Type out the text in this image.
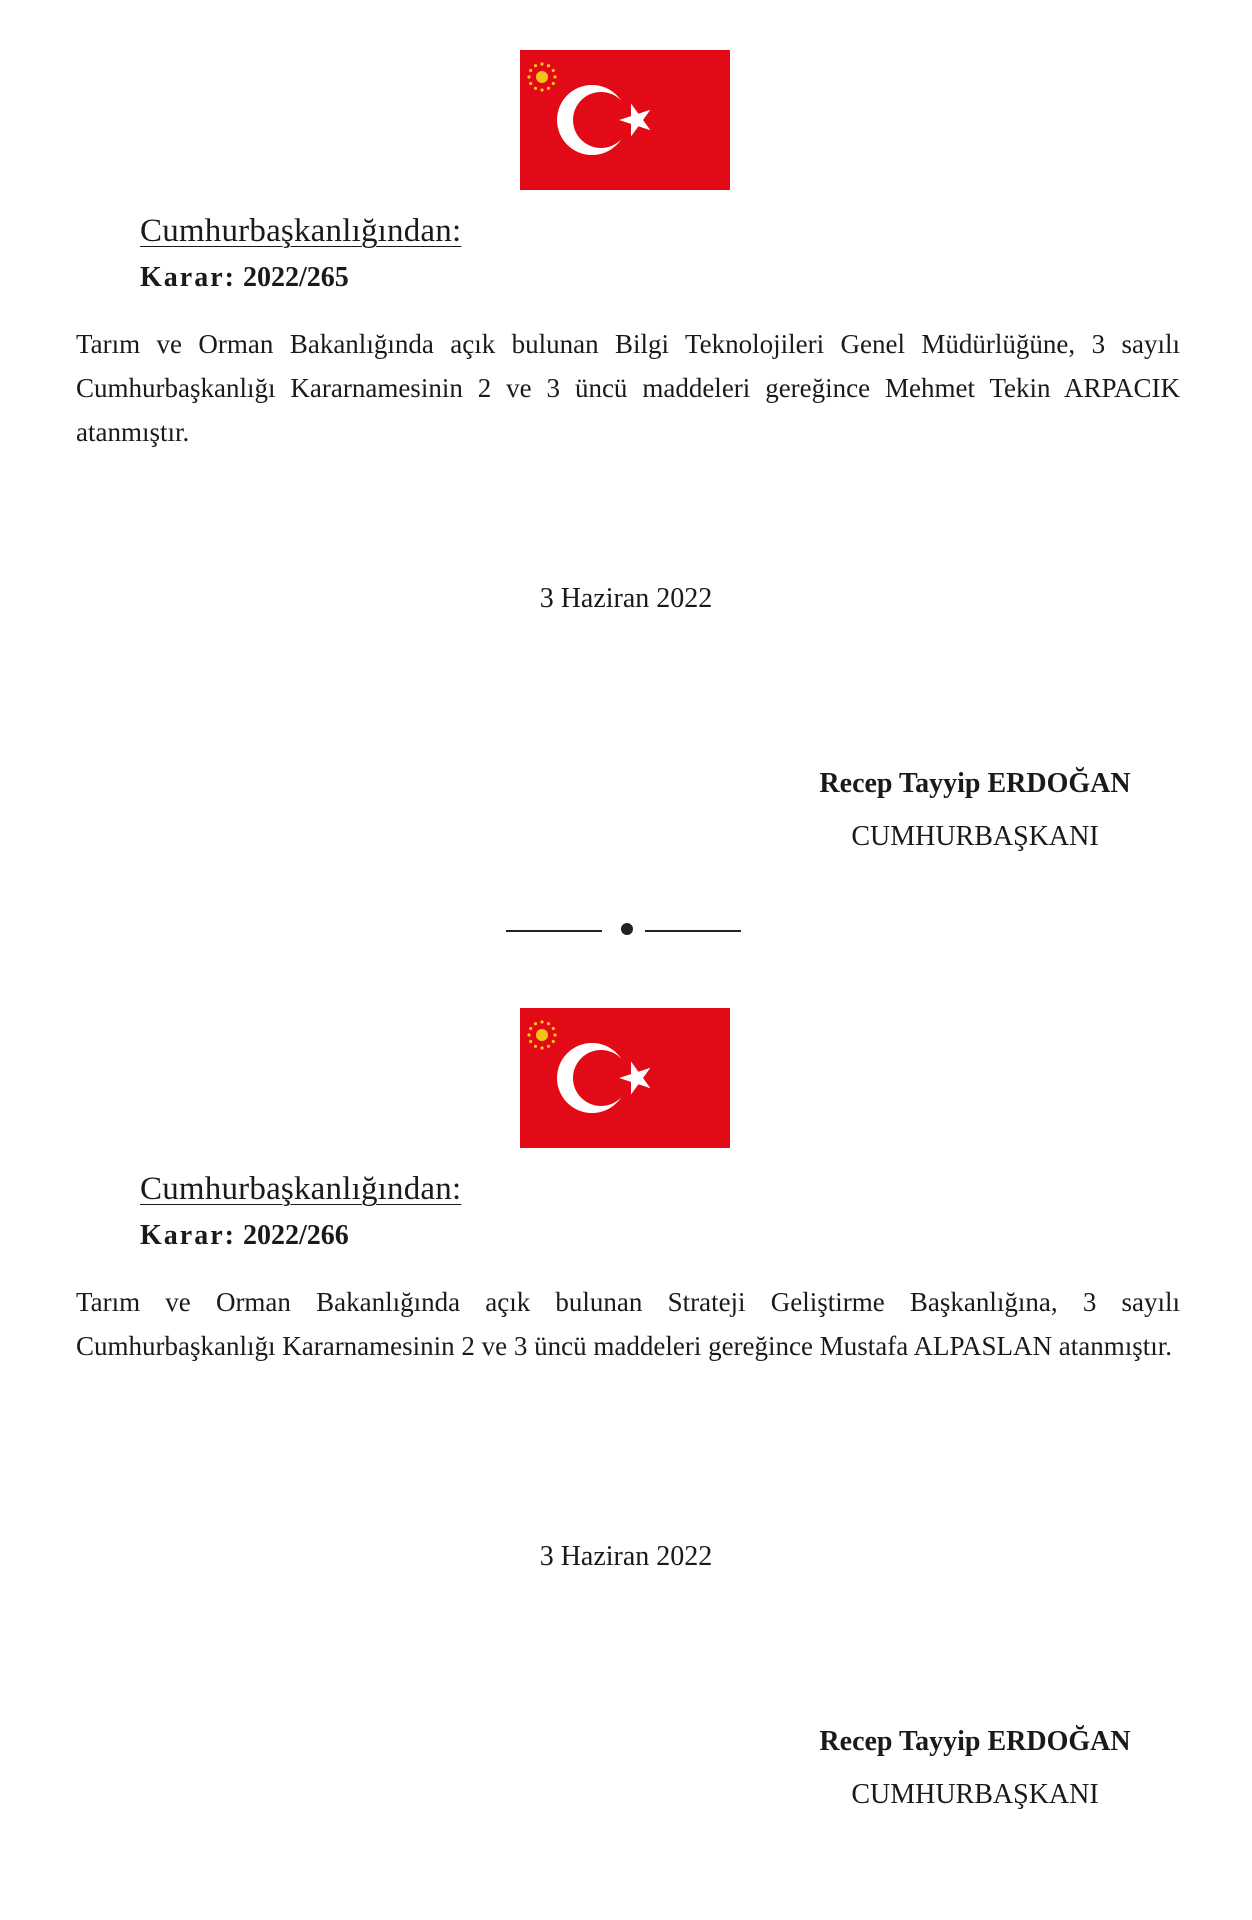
Cumhurbaşkanlığından:
Karar: 2022/265
Tarım ve Orman Bakanlığında açık bulunan Bilgi Teknolojileri Genel Müdürlüğüne, 3 sayılı Cumhurbaşkanlığı Kararnamesinin 2 ve 3 üncü maddeleri gereğince Mehmet Tekin ARPACIK atanmıştır.
3 Haziran 2022
Recep Tayyip ERDOĞAN
CUMHURBAŞKANI
Cumhurbaşkanlığından:
Karar: 2022/266
Tarım ve Orman Bakanlığında açık bulunan Strateji Geliştirme Başkanlığına, 3 sayılı Cumhurbaşkanlığı Kararnamesinin 2 ve 3 üncü maddeleri gereğince Mustafa ALPASLAN atanmıştır.
3 Haziran 2022
Recep Tayyip ERDOĞAN
CUMHURBAŞKANI
